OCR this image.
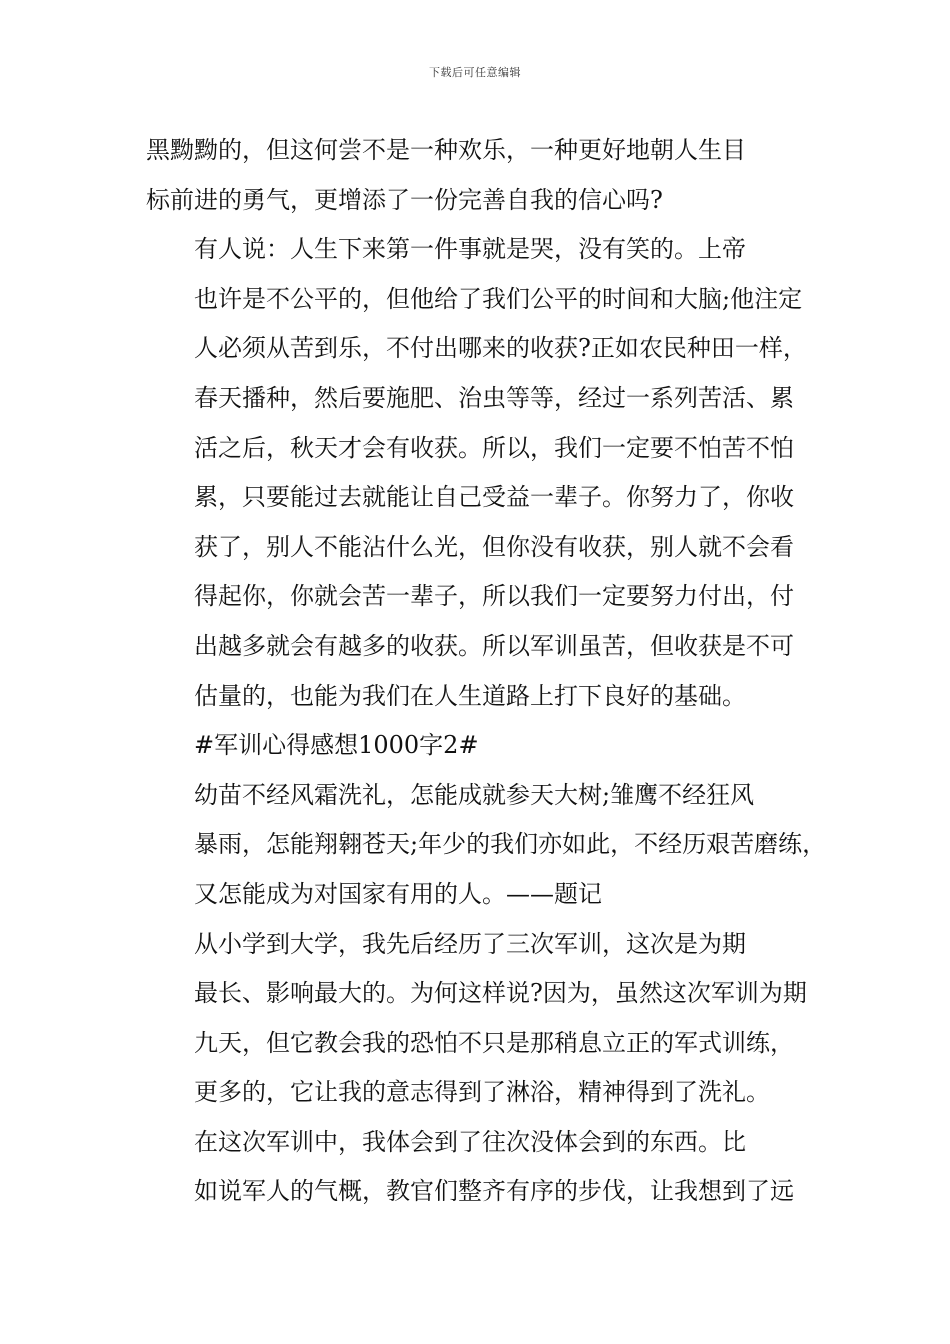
下载后可任意编辑

黑黝黝的，但这何尝不是一种欢乐，一种更好地朝人生目
标前进的勇气，更增添了一份完善自我的信心吗?

有人说：人生下来第一件事就是哭，没有笑的。上帝
也许是不公平的，但他给了我们公平的时间和大脑;他注定
人必须从苦到乐，不付出哪来的收获?正如农民种田一样，
春天播种，然后要施肥、治虫等等，经过一系列苦活、累
活之后，秋天才会有收获。所以，我们一定要不怕苦不怕
累，只要能过去就能让自己受益一辈子。你努力了，你收
获了，别人不能沾什么光，但你没有收获，别人就不会看
得起你，你就会苦一辈子，所以我们一定要努力付出，付
出越多就会有越多的收获。所以军训虽苦，但收获是不可
估量的，也能为我们在人生道路上打下良好的基础。

#军训心得感想1000字2#

幼苗不经风霜洗礼，怎能成就参天大树;雏鹰不经狂风
暴雨，怎能翔翱苍天;年少的我们亦如此，不经历艰苦磨练，
又怎能成为对国家有用的人。——题记

从小学到大学，我先后经历了三次军训，这次是为期
最长、影响最大的。为何这样说?因为，虽然这次军训为期
九天，但它教会我的恐怕不只是那稍息立正的军式训练，
更多的，它让我的意志得到了淋浴，精神得到了洗礼。

在这次军训中，我体会到了往次没体会到的东西。比
如说军人的气概，教官们整齐有序的步伐，让我想到了远
